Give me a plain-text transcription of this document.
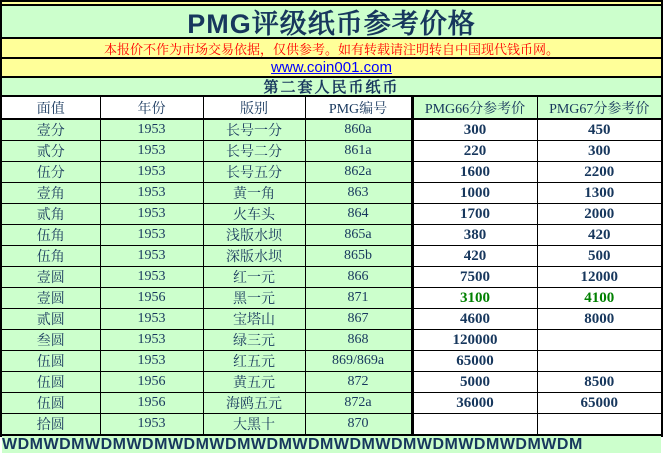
PMG评级纸币参考价格
本报价不作为市场交易依据，仅供参考。如有转载请注明转自中国现代钱币网。
www.coin001.com
第二套人民币纸币
面值	年份	版别	PMG编号	PMG66分参考价	PMG67分参考价
壹分	1953	长号一分	860a	300	450
贰分	1953	长号二分	861a	220	300
伍分	1953	长号五分	862a	1600	2200
壹角	1953	黄一角	863	1000	1300
贰角	1953	火车头	864	1700	2000
伍角	1953	浅版水坝	865a	380	420
伍角	1953	深版水坝	865b	420	500
壹圆	1953	红一元	866	7500	12000
壹圆	1956	黑一元	871	3100	4100
贰圆	1953	宝塔山	867	4600	8000
叁圆	1953	绿三元	868	120000	
伍圆	1953	红五元	869/869a	65000	
伍圆	1956	黄五元	872	5000	8500
伍圆	1956	海鸥五元	872a	36000	65000
拾圆	1953	大黑十	870		
WDMWDMWDMWDMWDMWDMWDMWDMWDMWDMWDMWDMWDMWDM
